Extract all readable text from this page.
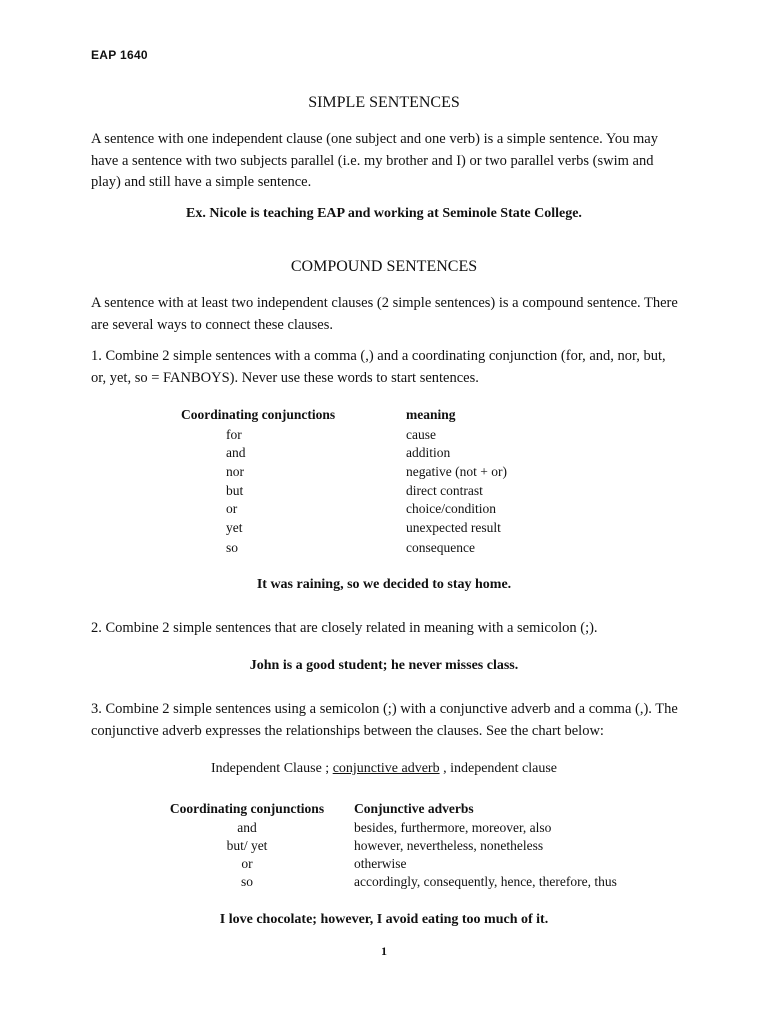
EAP 1640
SIMPLE SENTENCES
A sentence with one independent clause (one subject and one verb) is a simple sentence. You may have a sentence with two subjects parallel (i.e. my brother and I) or two parallel verbs (swim and play) and still have a simple sentence.
Ex. Nicole is teaching EAP and working at Seminole State College.
COMPOUND SENTENCES
A sentence with at least two independent clauses (2 simple sentences) is a compound sentence. There are several ways to connect these clauses.
1. Combine 2 simple sentences with a comma (,) and a coordinating conjunction (for, and, nor, but, or, yet, so = FANBOYS). Never use these words to start sentences.
Coordinating conjunctions	meaning
for	cause
and	addition
nor	negative (not + or)
but	direct contrast
or	choice/condition
yet	unexpected result
so	consequence
It was raining, so we decided to stay home.
2. Combine 2 simple sentences that are closely related in meaning with a semicolon (;).
John is a good student; he never misses class.
3. Combine 2 simple sentences using a semicolon (;) with a conjunctive adverb and a comma (,). The conjunctive adverb expresses the relationships between the clauses. See the chart below:
Independent Clause ; conjunctive adverb , independent clause
Coordinating conjunctions	Conjunctive adverbs
and	besides, furthermore, moreover, also
but/ yet	however, nevertheless, nonetheless
or	otherwise
so	accordingly, consequently, hence, therefore, thus
I love chocolate; however, I avoid eating too much of it.
1
